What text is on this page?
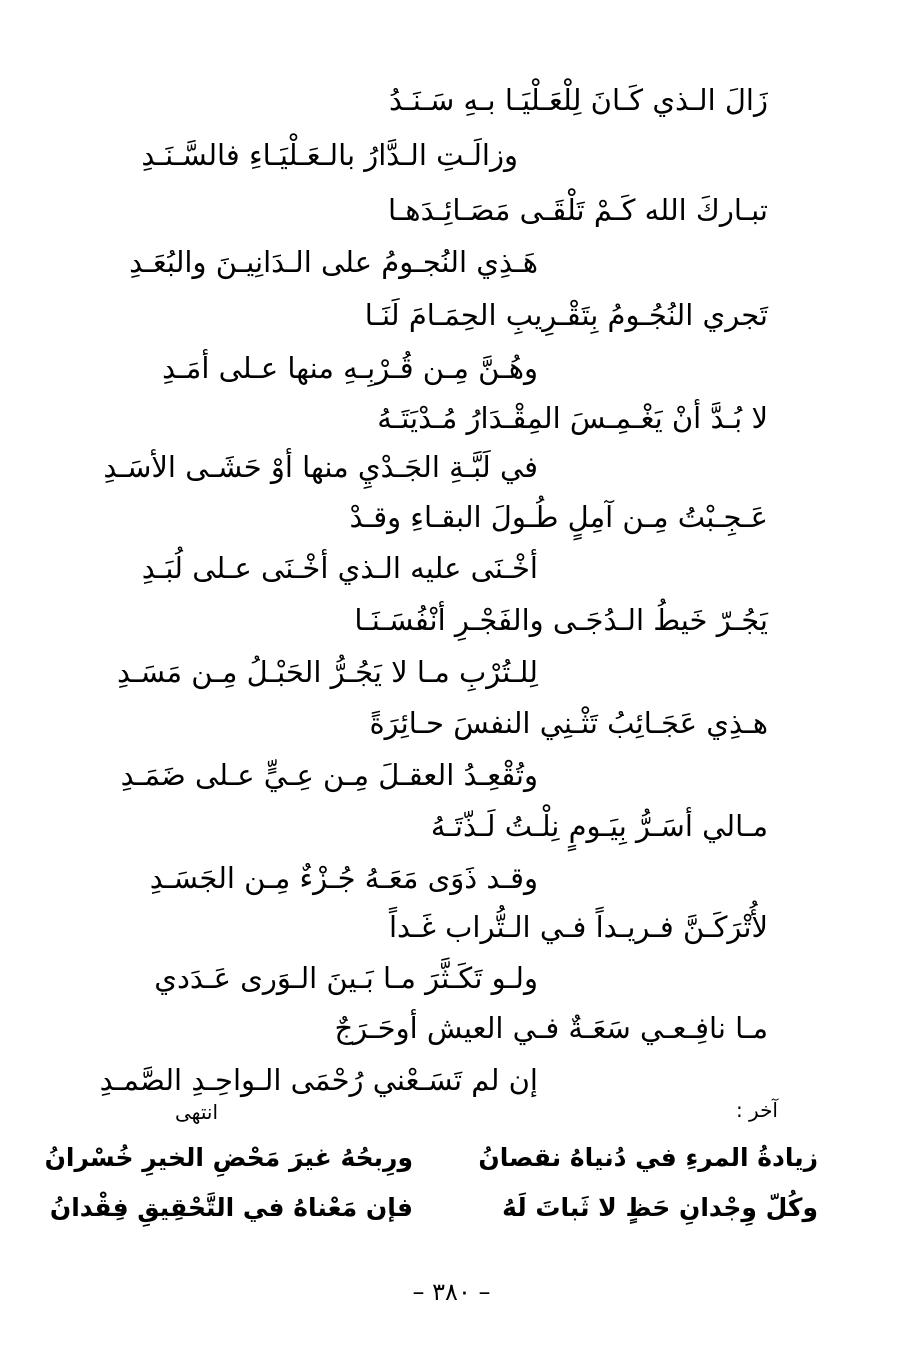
زَالَ الـذي كَـانَ لِلْعَـلْيَـا بـهِ سَـنَـدُ
وزالَـتِ الـدَّارُ بالـعَـلْيَـاءِ فالسَّـنَـدِ
تبـاركَ الله كَـمْ تَلْقَـى مَصَـائِـدَهـا
هَـذِي النُجـومُ على الـدَانِيـنَ والبُعَـدِ
تَجري النُجُـومُ بِتَقْـرِيبِ الحِمَـامَ لَنَـا
وهُـنَّ مِـن قُـرْبِـهِ منها عـلى أمَـدِ
لا بُـدَّ أنْ يَغْـمِـسَ المِقْـدَارُ مُـدْيَتَـهُ
في لَبَّـةِ الجَـدْيِ منها أوْ حَشَـى الأسَـدِ
عَـجِـبْتُ مِـن آمِلٍ طُـولَ البقـاءِ وقـدْ
أخْـنَى عليه الـذي أخْـنَى عـلى لُبَـدِ
يَجُـرّ خَيطُ الـدُجَـى والفَجْـرِ أنْفُسَـنَـا
لِلـتُرْبِ مـا لا يَجُـرُّ الحَبْـلُ مِـن مَسَـدِ
هـذِي عَجَـائِبُ تَثْـنِي النفسَ حـائِرَةً
وتُقْعِـدُ العقـلَ مِـن عِـيٍّ عـلى ضَمَـدِ
مـالي أسَـرُّ بِيَـومٍ نِلْـتُ لَـذّتَـهُ
وقـد ذَوَى مَعَـهُ جُـزْءٌ مِـن الجَسَـدِ
لأُتْرَكَـنَّ فـريـداً فـي الـتُّراب غَـداً
ولـو تَكَـثَّرَ مـا بَـينَ الـوَرى عَـدَدي
مـا نافِـعـي سَعَـةٌ فـي العيش أوحَـرَجٌ
إن لم تَسَـعْني رُحْمَى الـواحِـدِ الصَّمـدِ
آخر :
انتهى
زيادةُ المرءِ في دُنياهُ نقصانُ
ورِبحُهُ غيرَ مَحْضِ الخيرِ خُسْرانُ
وكُلّ وِجْدانِ حَظٍ لا ثَباتَ لَهُ
فإن مَعْناهُ في التَّحْقِيقِ فِقْدانُ
– ٣٨٠ –
